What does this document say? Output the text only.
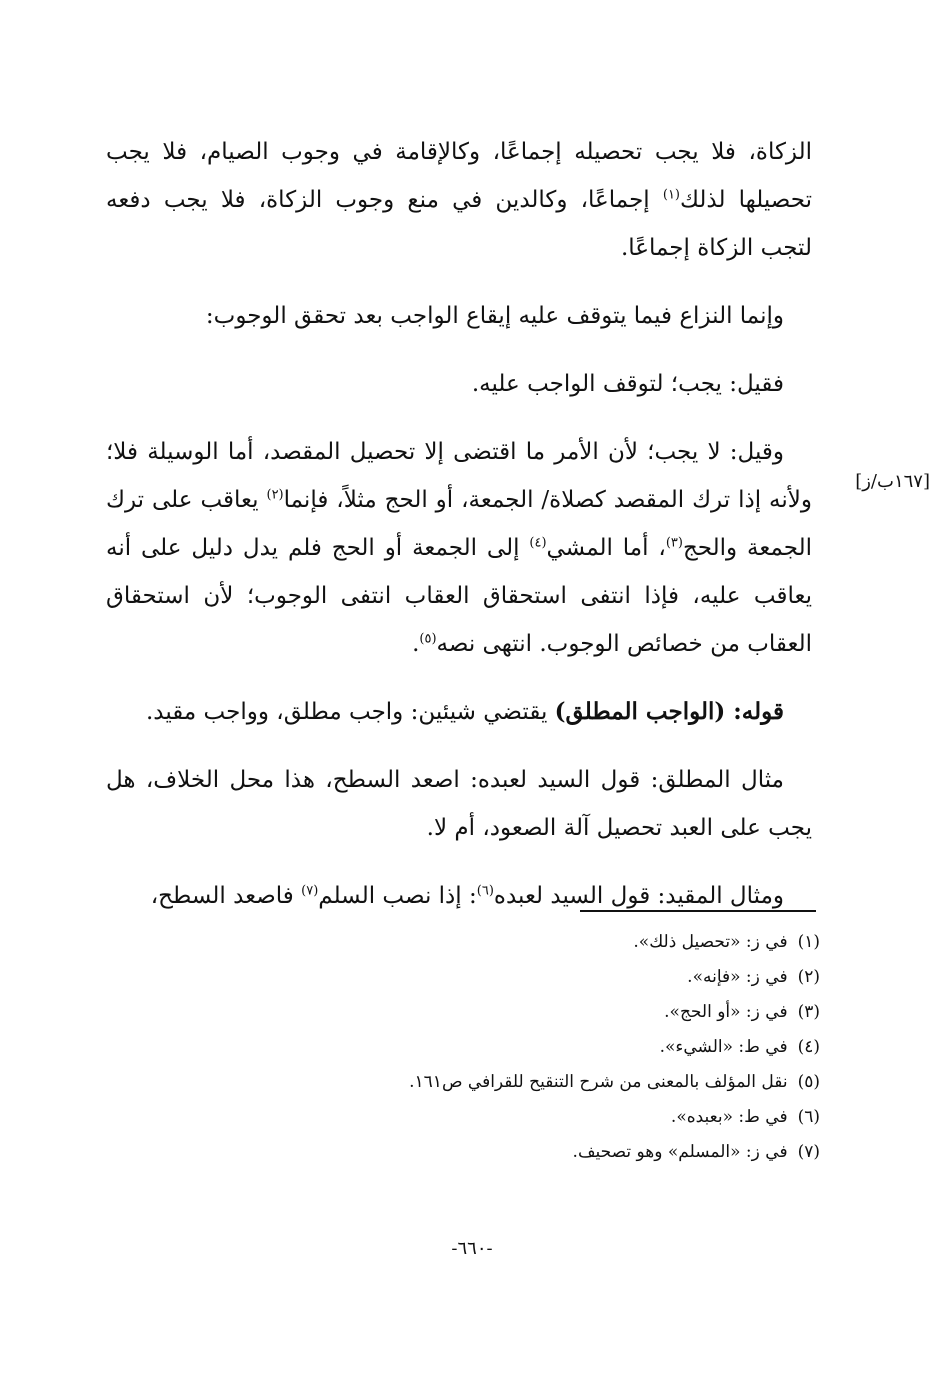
[١٦٧ب/ز]

الزكاة، فلا يجب تحصيله إجماعًا، وكالإقامة في وجوب الصيام، فلا يجب تحصيلها لذلك$^{(١)}$ إجماعًا، وكالدين في منع وجوب الزكاة، فلا يجب دفعه لتجب الزكاة إجماعًا.

وإنما النزاع فيما يتوقف عليه إيقاع الواجب بعد تحقق الوجوب:

فقيل: يجب؛ لتوقف الواجب عليه.

وقيل: لا يجب؛ لأن الأمر ما اقتضى إلا تحصيل المقصد، أما الوسيلة فلا؛ ولأنه إذا ترك المقصد كصلاة/ الجمعة، أو الحج مثلاً، فإنما$^{(٢)}$ يعاقب على ترك الجمعة والحج$^{(٣)}$، أما المشي$^{(٤)}$ إلى الجمعة أو الحج فلم يدل دليل على أنه يعاقب عليه، فإذا انتفى استحقاق العقاب انتفى الوجوب؛ لأن استحقاق العقاب من خصائص الوجوب. انتهى نصه$^{(٥)}$.

قوله: (الواجب المطلق) يقتضي شيئين: واجب مطلق، وواجب مقيد.

مثال المطلق: قول السيد لعبده: اصعد السطح، هذا محل الخلاف، هل يجب على العبد تحصيل آلة الصعود، أم لا.

ومثال المقيد: قول السيد لعبده$^{(٦)}$: إذا نصب السلم$^{(٧)}$ فاصعد السطح،

(١)في ز: «تحصيل ذلك».
(٢)في ز: «فإنه».
(٣)في ز: «أو الحج».
(٤)في ط: «الشيء».
(٥)نقل المؤلف بالمعنى من شرح التنقيح للقرافي ص١٦١.
(٦)في ط: «بعبده».
(٧)في ز: «المسلم» وهو تصحيف.
-٦٦٠-
